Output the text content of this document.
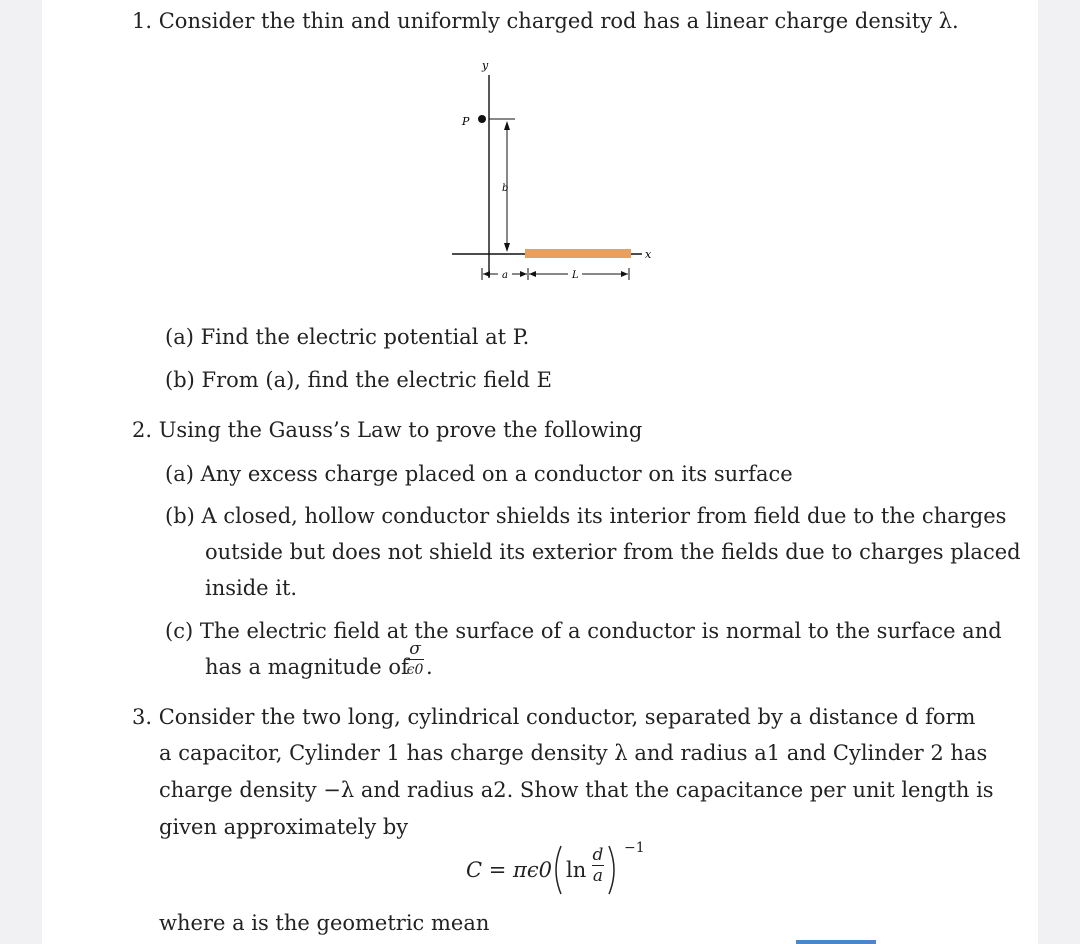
1. Consider the thin and uniformly charged rod has a linear charge density λ.
y
x
P
b
a	L
(a) Find the electric potential at P.
(b) From (a), find the electric field E
2. Using the Gauss’s Law to prove the following
(a) Any excess charge placed on a conductor on its surface
(b) A closed, hollow conductor shields its interior from field due to the charges
outside but does not shield its exterior from the fields due to charges placed
inside it.
(c) The electric field at the surface of a conductor is normal to the surface and
has a magnitude of
σ
ϵ0 .
3. Consider the two long, cylindrical conductor, separated by a distance d form
a capacitor, Cylinder 1 has charge density λ and radius a1 and Cylinder 2 has
charge density −λ and radius a2. Show that the capacitance per unit length is
given approximately by
C = πϵ0 ln
d
a
−1
where a is the geometric mean
